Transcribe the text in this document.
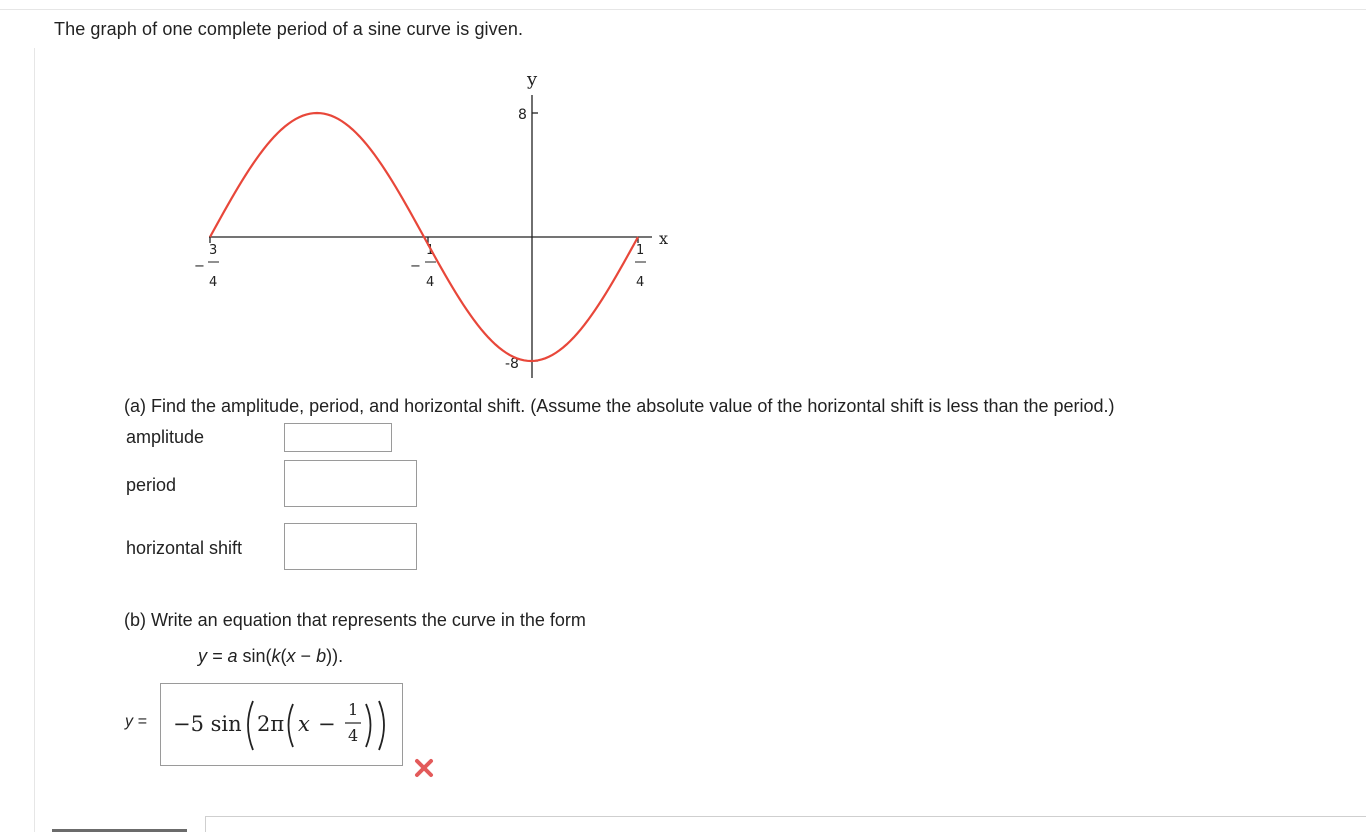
The graph of one complete period of a sine curve is given.
y
x
8
-8
−
3
4
−
1
4
1
4
(a) Find the amplitude, period, and horizontal shift. (Assume the absolute value of the horizontal shift is less than the period.)
amplitude
period
horizontal shift
(b) Write an equation that represents the curve in the form
y = a sin(k(x − b)).
y = −5 sin 2π x −
1
4
